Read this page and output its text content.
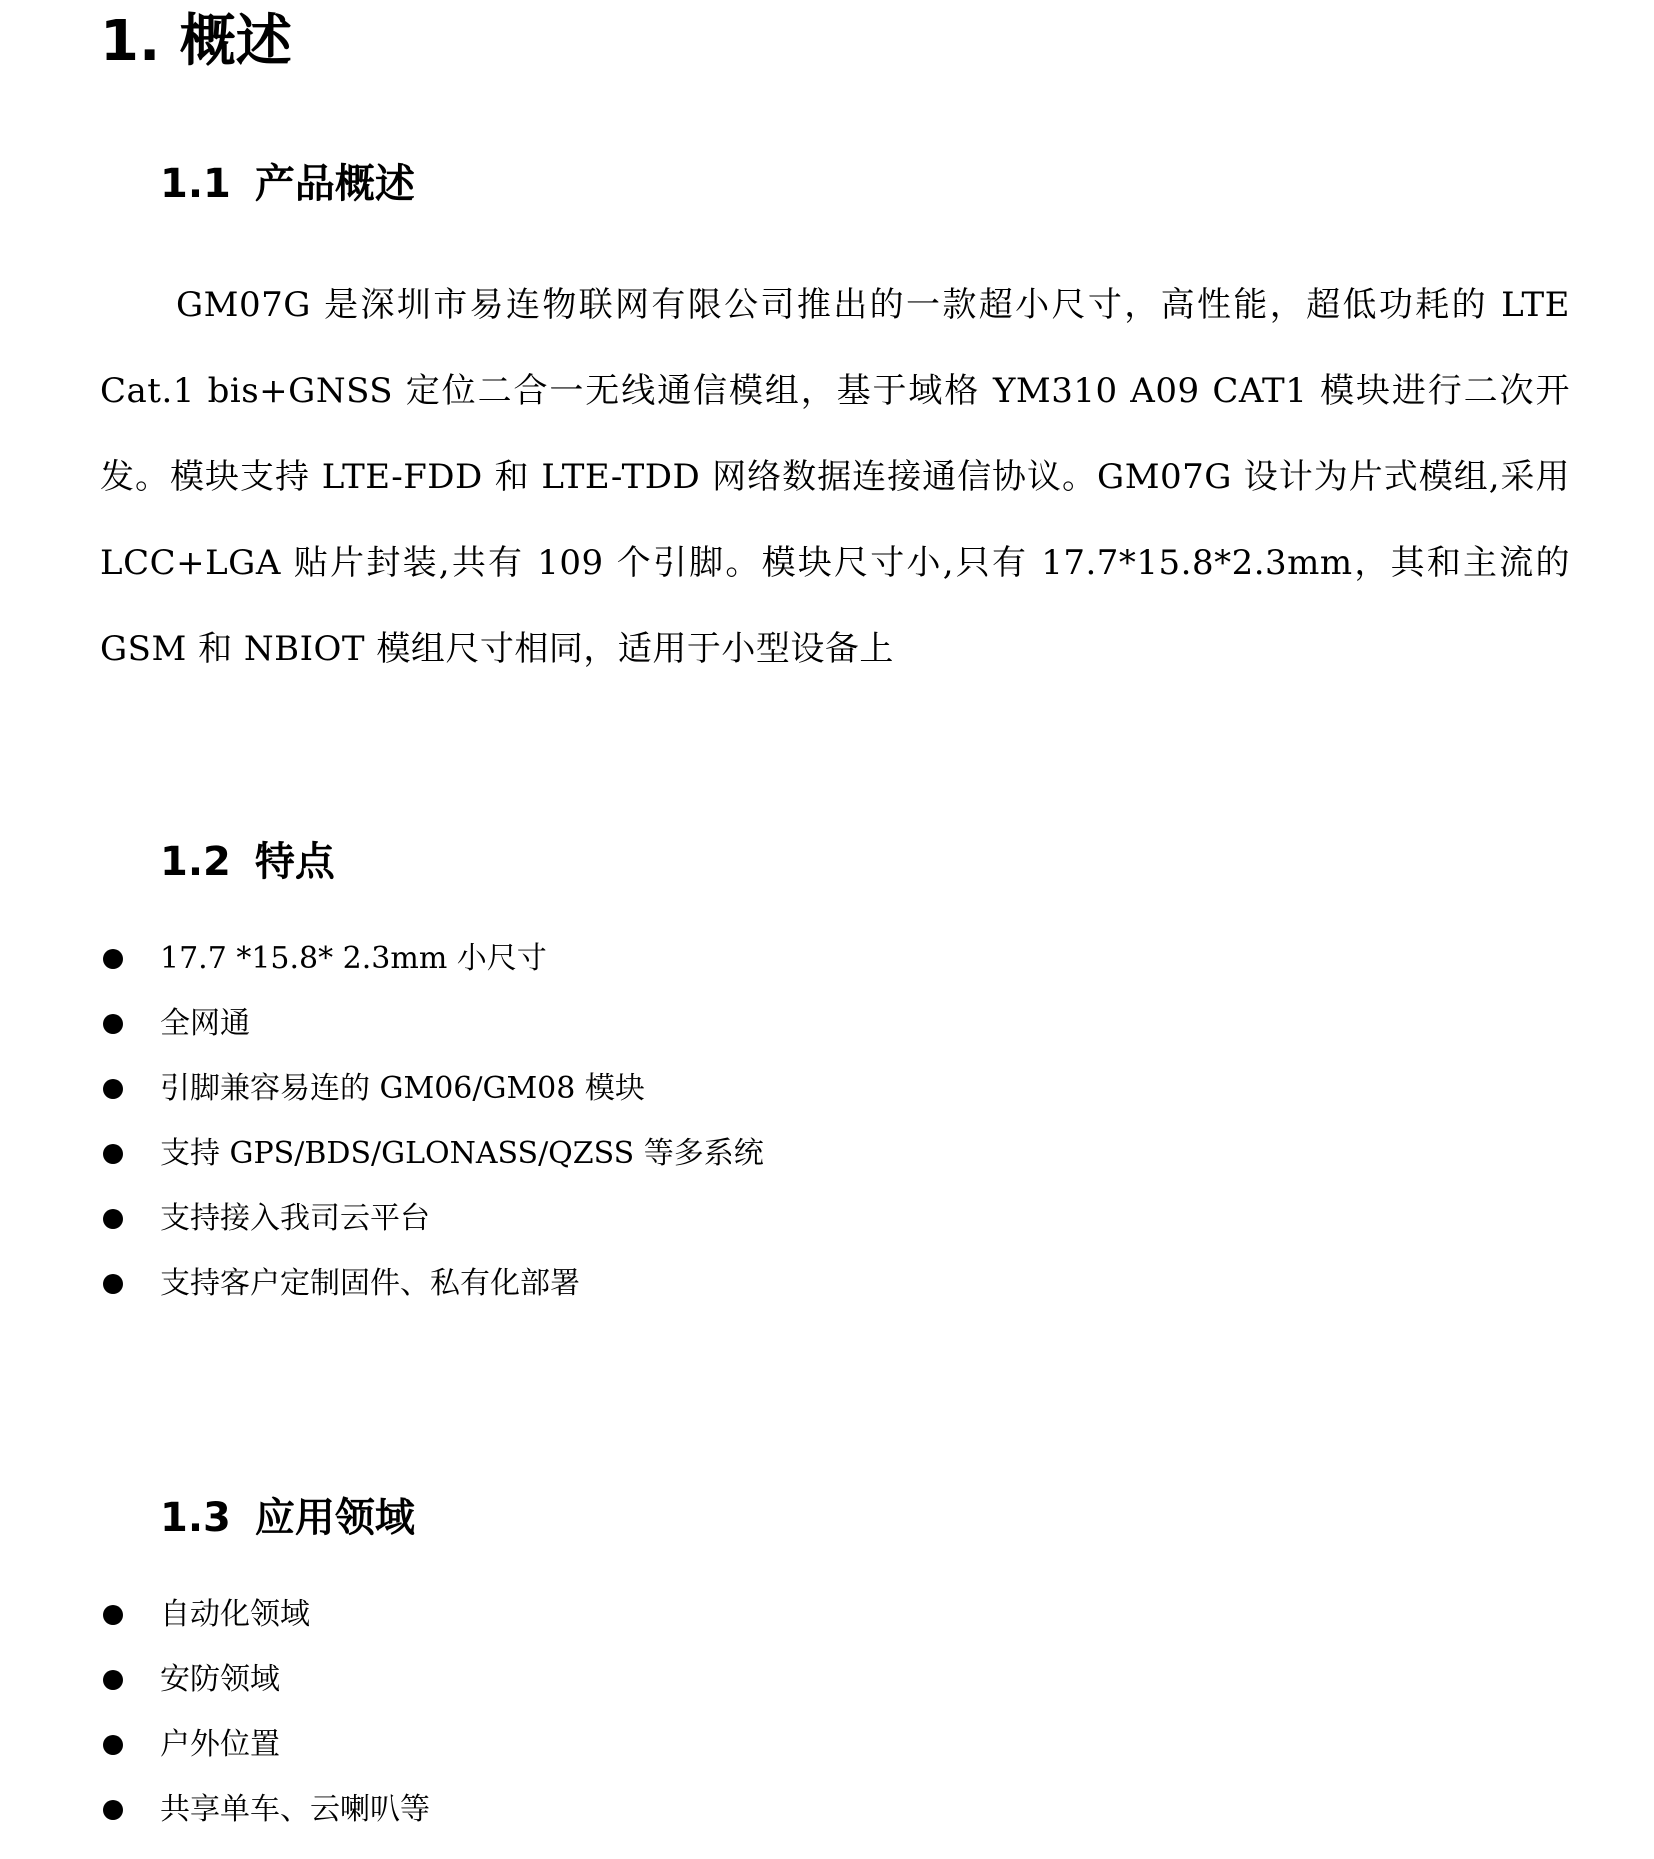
1. 概述
1.1 产品概述

GM07G 是深圳市易连物联网有限公司推出的一款超小尺寸，高性能，超低功耗的 LTE Cat.1 bis+GNSS 定位二合一无线通信模组，基于域格 YM310 A09 CAT1 模块进行二次开发。模块支持 LTE-FDD 和 LTE-TDD 网络数据连接通信协议。GM07G 设计为片式模组,采用 LCC+LGA 贴片封装,共有 109 个引脚。模块尺寸小,只有 17.7*15.8*2.3mm，其和主流的 GSM 和 NBIOT 模组尺寸相同，适用于小型设备上

1.2 特点
17.7 *15.8* 2.3mm 小尺寸
全网通
引脚兼容易连的 GM06/GM08 模块
支持 GPS/BDS/GLONASS/QZSS 等多系统
支持接入我司云平台
支持客户定制固件、私有化部署
1.3 应用领域
自动化领域
安防领域
户外位置
共享单车、云喇叭等
